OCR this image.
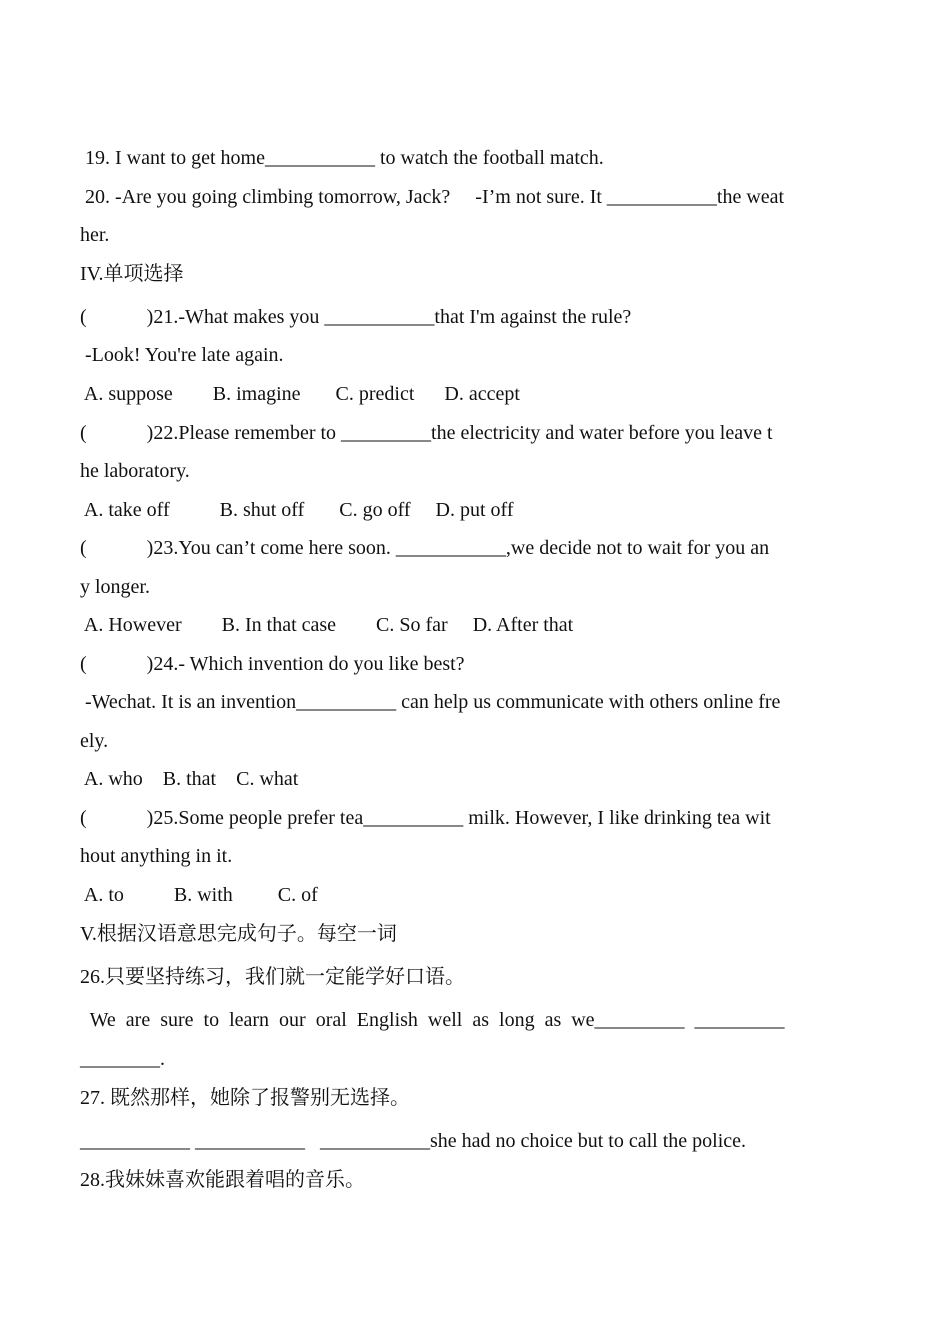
19. I want to get home___________ to watch the football match.
20. -Are you going climbing tomorrow, Jack?     -I’m not sure. It ___________the weat
her.
IV.单项选择
(            )21.-What makes you ___________that I'm against the rule?
-Look! You're late again.
A. suppose        B. imagine       C. predict      D. accept
(            )22.Please remember to _________the electricity and water before you leave t
he laboratory.
A. take off          B. shut off       C. go off     D. put off
(            )23.You can’t come here soon. ___________,we decide not to wait for you an
y longer.
A. However        B. In that case        C. So far     D. After that
(            )24.- Which invention do you like best?
-Wechat. It is an invention__________ can help us communicate with others online fre
ely.
A. who    B. that    C. what
(            )25.Some people prefer tea__________ milk. However, I like drinking tea wit
hout anything in it.
A. to          B. with         C. of
V.根据汉语意思完成句子。每空一词
26.只要坚持练习，我们就一定能学好口语。
We  are  sure  to  learn  our  oral  English  well  as  long  as  we_________  _________
________.
27. 既然那样，她除了报警别无选择。
___________ ___________   ___________she had no choice but to call the police.
28.我妹妹喜欢能跟着唱的音乐。
